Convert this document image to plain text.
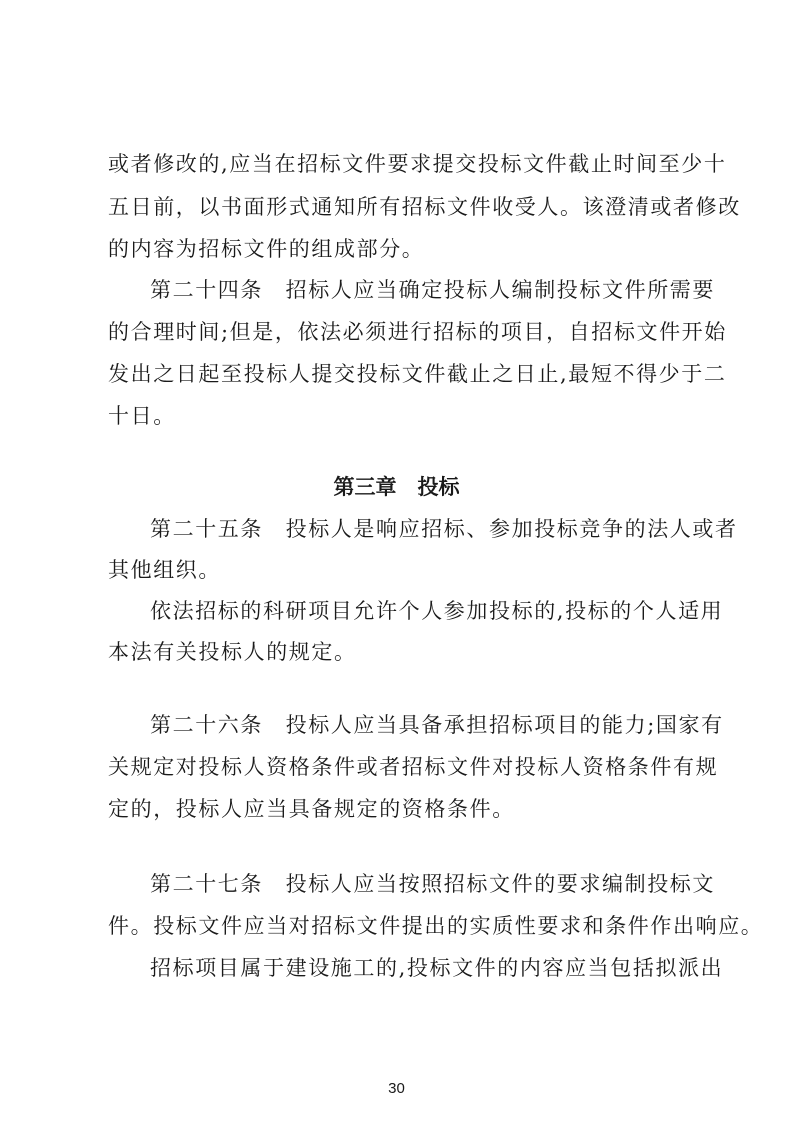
或者修改的,应当在招标文件要求提交投标文件截止时间至少十
五日前，以书面形式通知所有招标文件收受人。该澄清或者修改
的内容为招标文件的组成部分。
第二十四条　招标人应当确定投标人编制投标文件所需要
的合理时间;但是，依法必须进行招标的项目，自招标文件开始
发出之日起至投标人提交投标文件截止之日止,最短不得少于二
十日。
第三章　投标
第二十五条　投标人是响应招标、参加投标竞争的法人或者
其他组织。
依法招标的科研项目允许个人参加投标的,投标的个人适用
本法有关投标人的规定。
第二十六条　投标人应当具备承担招标项目的能力;国家有
关规定对投标人资格条件或者招标文件对投标人资格条件有规
定的，投标人应当具备规定的资格条件。
第二十七条　投标人应当按照招标文件的要求编制投标文
件。投标文件应当对招标文件提出的实质性要求和条件作出响应。
招标项目属于建设施工的,投标文件的内容应当包括拟派出
30
